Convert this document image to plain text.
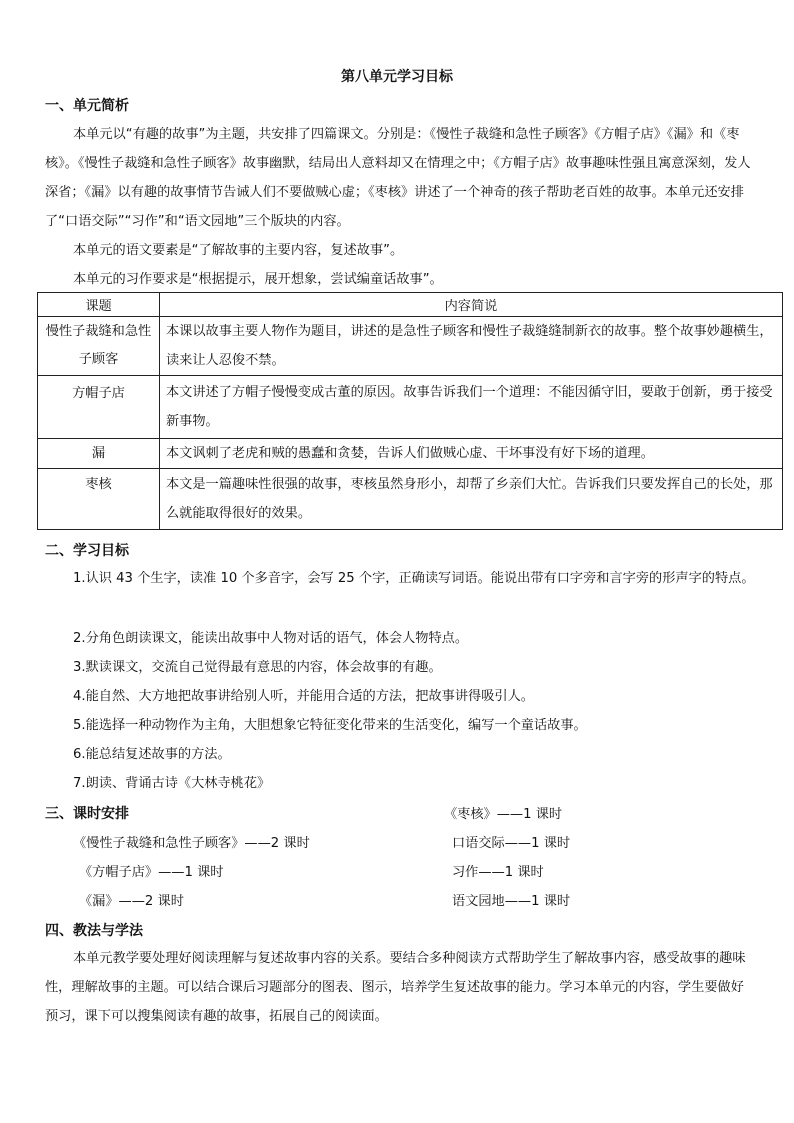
第八单元学习目标
一、单元简析

本单元以“有趣的故事”为主题，共安排了四篇课文。分别是：《慢性子裁缝和急性子顾客》《方帽子店》《漏》和《枣核》。《慢性子裁缝和急性子顾客》故事幽默，结局出人意料却又在情理之中；《方帽子店》故事趣味性强且寓意深刻，发人深省；《漏》以有趣的故事情节告诫人们不要做贼心虚；《枣核》讲述了一个神奇的孩子帮助老百姓的故事。本单元还安排了“口语交际”“习作”和“语文园地”三个版块的内容。

本单元的语文要素是“了解故事的主要内容，复述故事”。

本单元的习作要求是“根据提示，展开想象，尝试编童话故事”。

课题	内容简说
慢性子裁缝和急性子顾客	本课以故事主要人物作为题目，讲述的是急性子顾客和慢性子裁缝缝制新衣的故事。整个故事妙趣横生，读来让人忍俊不禁。
方帽子店	本文讲述了方帽子慢慢变成古董的原因。故事告诉我们一个道理：不能因循守旧，要敢于创新，勇于接受新事物。
漏	本文讽刺了老虎和贼的愚蠢和贪婪，告诉人们做贼心虚、干坏事没有好下场的道理。
枣核	本文是一篇趣味性很强的故事，枣核虽然身形小，却帮了乡亲们大忙。告诉我们只要发挥自己的长处，那么就能取得很好的效果。
二、学习目标

1.认识 43 个生字，读准 10 个多音字，会写 25 个字，正确读写词语。能说出带有口字旁和言字旁的形声字的特点。

2.分角色朗读课文，能读出故事中人物对话的语气，体会人物特点。
3.默读课文，交流自己觉得最有意思的内容，体会故事的有趣。
4.能自然、大方地把故事讲给别人听，并能用合适的方法，把故事讲得吸引人。
5.能选择一种动物作为主角，大胆想象它特征变化带来的生活变化，编写一个童话故事。
6.能总结复述故事的方法。
7.朗读、背诵古诗《大林寺桃花》
三、课时安排
《慢性子裁缝和急性子顾客》——2 课时
《方帽子店》——1 课时
《漏》——2 课时
《枣核》——1 课时
口语交际——1 课时
习作——1 课时
语文园地——1 课时
四、教法与学法

本单元教学要处理好阅读理解与复述故事内容的关系。要结合多种阅读方式帮助学生了解故事内容，感受故事的趣味性，理解故事的主题。可以结合课后习题部分的图表、图示，培养学生复述故事的能力。学习本单元的内容，学生要做好预习，课下可以搜集阅读有趣的故事，拓展自己的阅读面。
